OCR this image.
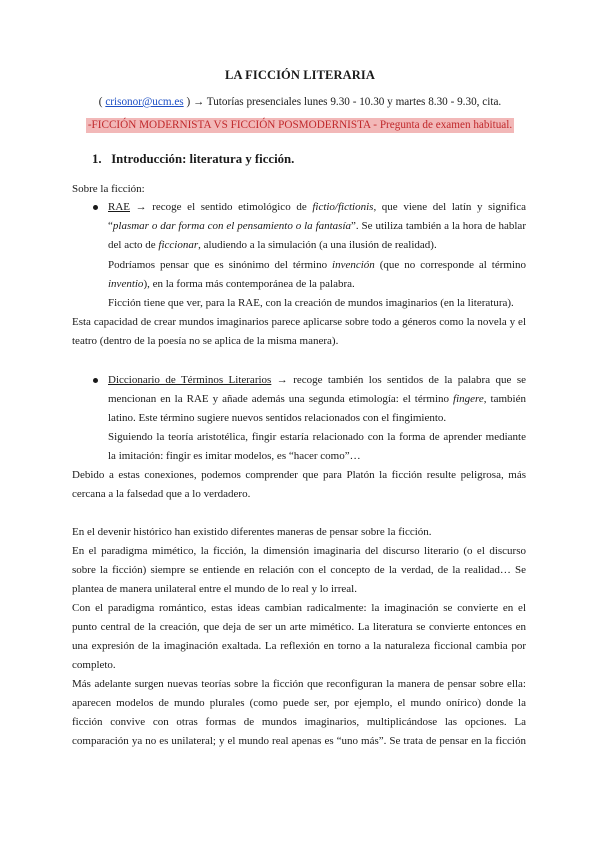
LA FICCIÓN LITERARIA
( crisonor@ucm.es ) → Tutorías presenciales lunes 9.30 - 10.30 y martes 8.30 - 9.30, cita.
-FICCIÓN MODERNISTA VS FICCIÓN POSMODERNISTA - Pregunta de examen habitual.
1. Introducción: literatura y ficción.
Sobre la ficción:
RAE → recoge el sentido etimológico de fictio/fictionis, que viene del latín y significa
“plasmar o dar forma con el pensamiento o la fantasía”. Se utiliza también a la hora de hablar
del acto de ficcionar, aludiendo a la simulación (a una ilusión de realidad).
Podríamos pensar que es sinónimo del término invención (que no corresponde al término
inventio), en la forma más contemporánea de la palabra.
Ficción tiene que ver, para la RAE, con la creación de mundos imaginarios (en la literatura).
Esta capacidad de crear mundos imaginarios parece aplicarse sobre todo a géneros como la novela y el
teatro (dentro de la poesía no se aplica de la misma manera).
Diccionario de Términos Literarios → recoge también los sentidos de la palabra que se
mencionan en la RAE y añade además una segunda etimología: el término fingere, también
latino. Este término sugiere nuevos sentidos relacionados con el fingimiento.
Siguiendo la teoría aristotélica, fingir estaría relacionado con la forma de aprender mediante
la imitación: fingir es imitar modelos, es “hacer como”…
Debido a estas conexiones, podemos comprender que para Platón la ficción resulte peligrosa, más
cercana a la falsedad que a lo verdadero.
En el devenir histórico han existido diferentes maneras de pensar sobre la ficción.
En el paradigma mimético, la ficción, la dimensión imaginaria del discurso literario (o el discurso
sobre la ficción) siempre se entiende en relación con el concepto de la verdad, de la realidad… Se
plantea de manera unilateral entre el mundo de lo real y lo irreal.
Con el paradigma romántico, estas ideas cambian radicalmente: la imaginación se convierte en el
punto central de la creación, que deja de ser un arte mimético. La literatura se convierte entonces en
una expresión de la imaginación exaltada. La reflexión en torno a la naturaleza ficcional cambia por
completo.
Más adelante surgen nuevas teorías sobre la ficción que reconfiguran la manera de pensar sobre ella:
aparecen modelos de mundo plurales (como puede ser, por ejemplo, el mundo onírico) donde la
ficción convive con otras formas de mundos imaginarios, multiplicándose las opciones. La
comparación ya no es unilateral; y el mundo real apenas es “uno más”. Se trata de pensar en la ficción
